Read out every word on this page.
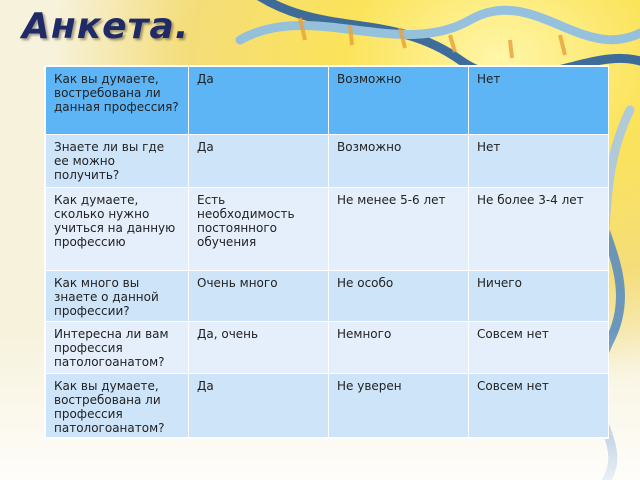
Анкета.
Как вы думаете, востребована ли данная профессия?	Да	Возможно	Нет
Знаете ли вы где ее можно получить?	Да	Возможно	Нет
Как думаете, сколько нужно учиться на данную профессию	Есть необходимость постоянного обучения	Не менее 5-6 лет	Не более 3-4 лет
Как много вы знаете о данной профессии?	Очень много	Не особо	Ничего
Интересна ли вам профессия патологоанатом?	Да, очень	Немного	Совсем нет
Как вы думаете, востребована ли профессия патологоанатом?	Да	Не уверен	Совсем нет
